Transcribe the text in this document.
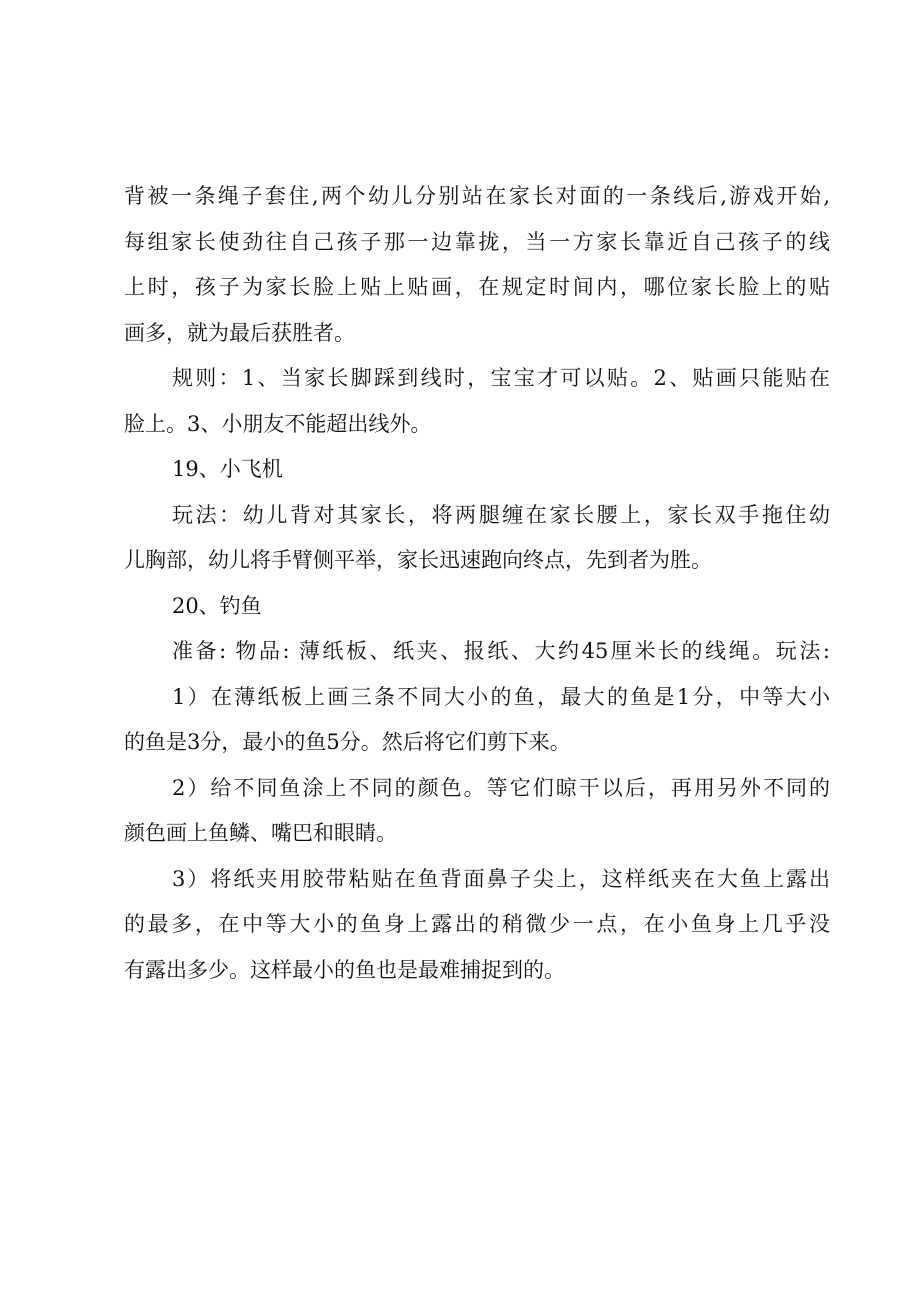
背被一条绳子套住,两个幼儿分别站在家长对面的一条线后,游戏开始,
每组家长使劲往自己孩子那一边靠拢，当一方家长靠近自己孩子的线
上时，孩子为家长脸上贴上贴画，在规定时间内，哪位家长脸上的贴
画多，就为最后获胜者。
规则：1、当家长脚踩到线时，宝宝才可以贴。2、贴画只能贴在
脸上。3、小朋友不能超出线外。
19、小飞机
玩法：幼儿背对其家长，将两腿缠在家长腰上，家长双手拖住幼
儿胸部，幼儿将手臂侧平举，家长迅速跑向终点，先到者为胜。
20、钓鱼
准备: 物品: 薄纸板、纸夹、报纸、大约45厘米长的线绳。玩法:
1）在薄纸板上画三条不同大小的鱼，最大的鱼是1分，中等大小
的鱼是3分，最小的鱼5分。然后将它们剪下来。
2）给不同鱼涂上不同的颜色。等它们晾干以后，再用另外不同的
颜色画上鱼鳞、嘴巴和眼睛。
3）将纸夹用胶带粘贴在鱼背面鼻子尖上，这样纸夹在大鱼上露出
的最多，在中等大小的鱼身上露出的稍微少一点，在小鱼身上几乎没
有露出多少。这样最小的鱼也是最难捕捉到的。
